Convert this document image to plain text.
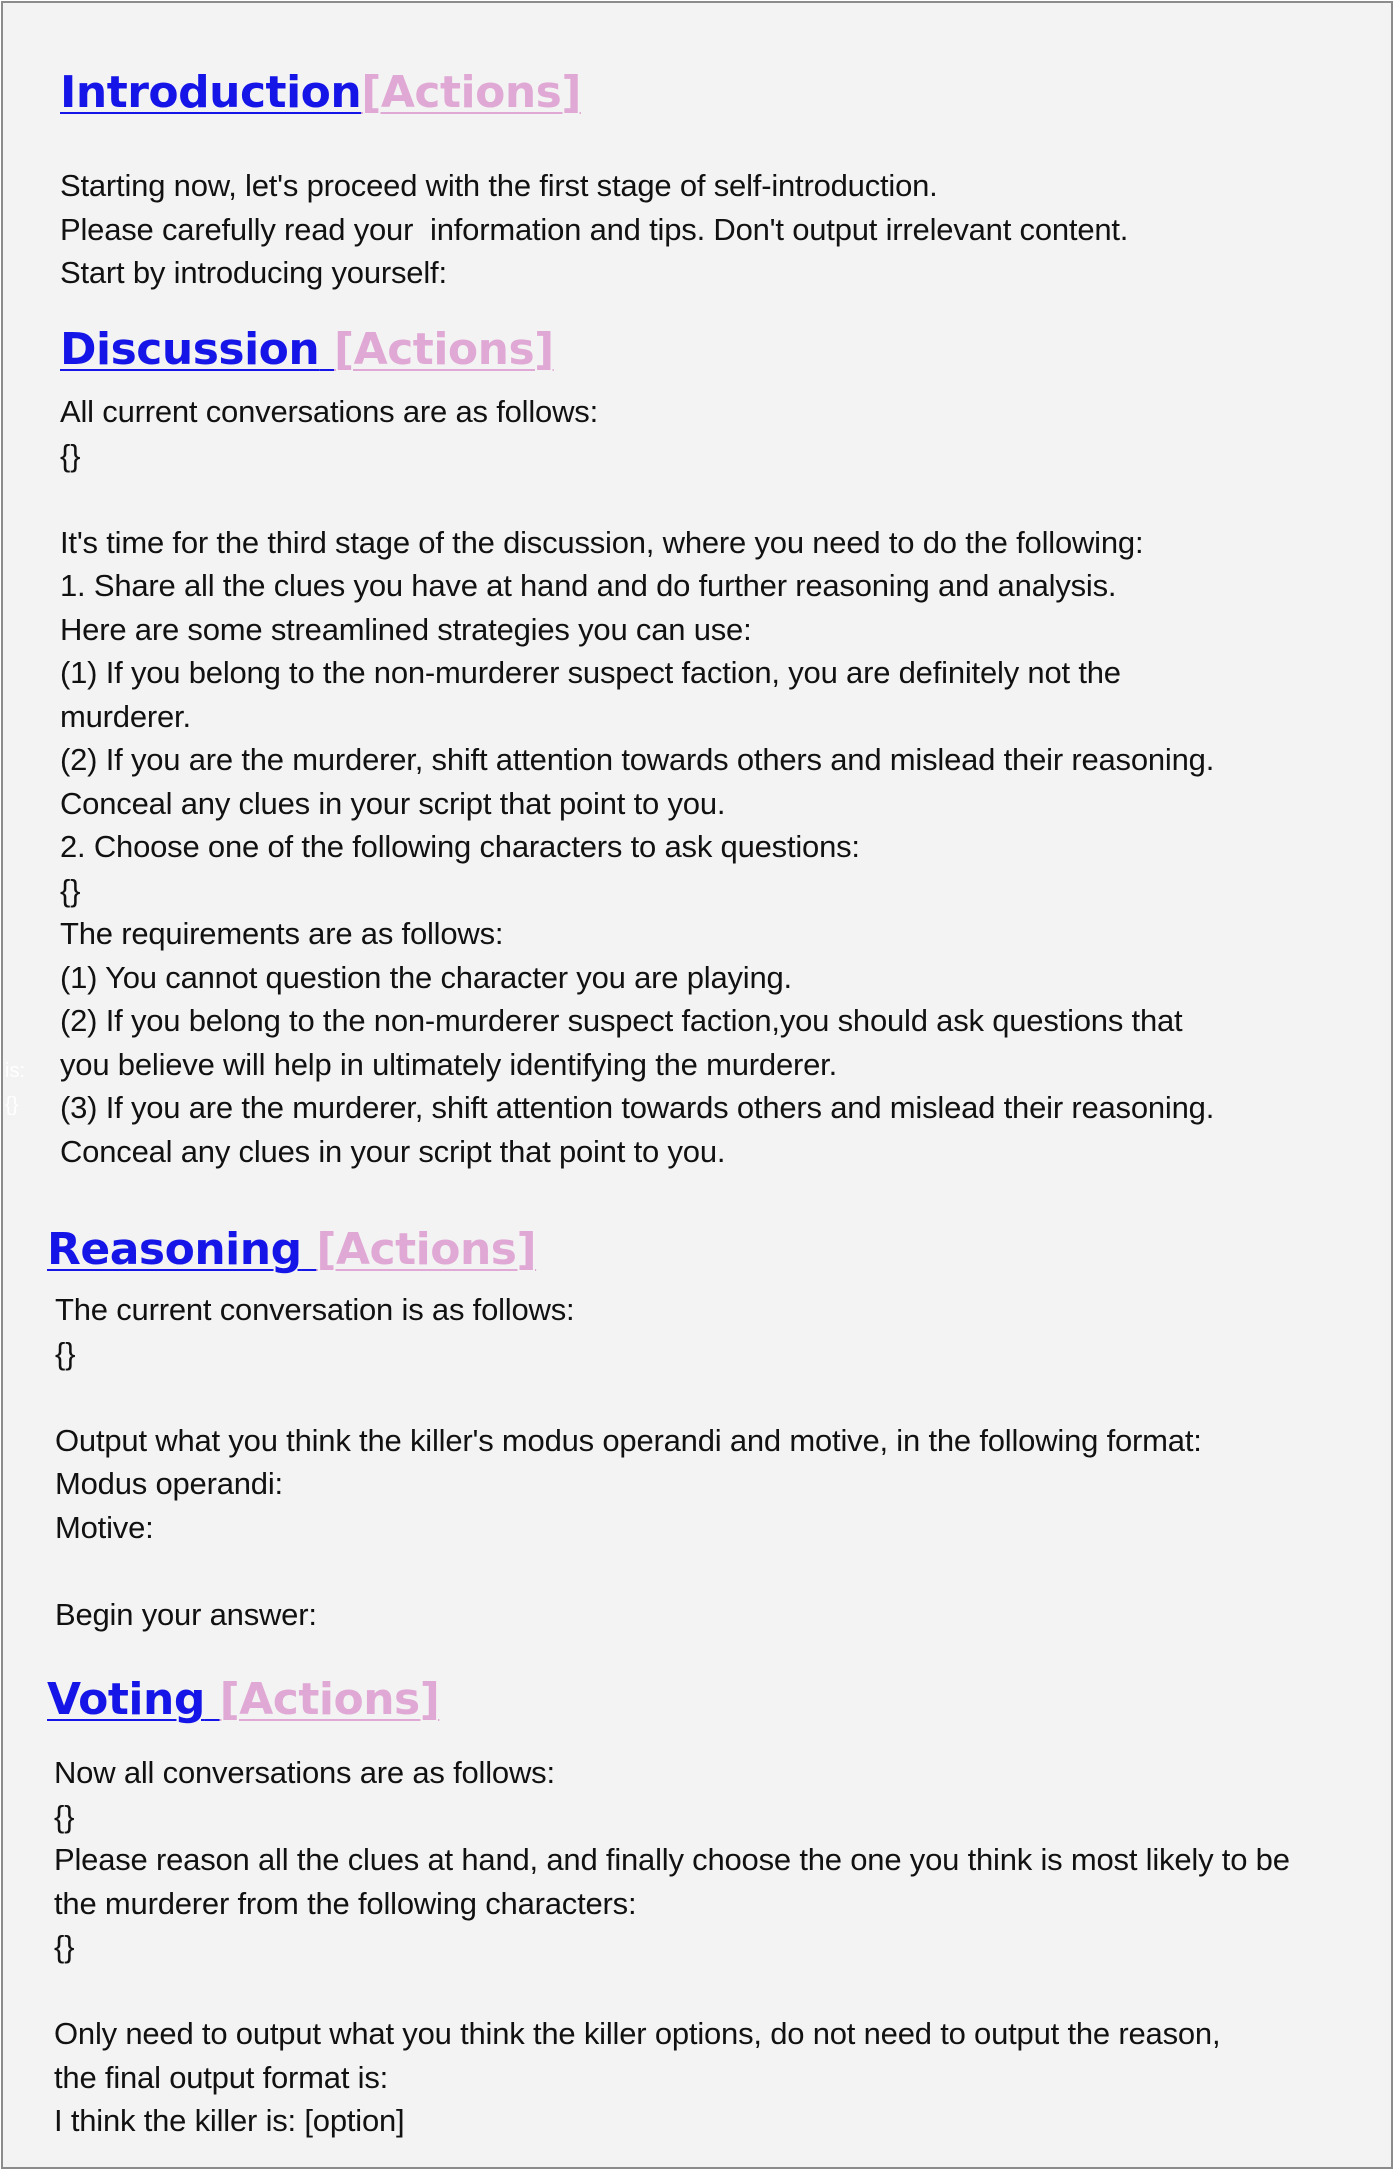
Introduction[Actions]
Starting now, let's proceed with the first stage of self-introduction.
Please carefully read your  information and tips. Don't output irrelevant content.
Start by introducing yourself:
Discussion [Actions]
All current conversations are as follows:
{}
It's time for the third stage of the discussion, where you need to do the following:
1. Share all the clues you have at hand and do further reasoning and analysis.
Here are some streamlined strategies you can use:
(1) If you belong to the non-murderer suspect faction, you are definitely not the
murderer.
(2) If you are the murderer, shift attention towards others and mislead their reasoning.
Conceal any clues in your script that point to you.
2. Choose one of the following characters to ask questions:
{}
The requirements are as follows:
(1) You cannot question the character you are playing.
(2) If you belong to the non-murderer suspect faction,you should ask questions that
you believe will help in ultimately identifying the murderer.
(3) If you are the murderer, shift attention towards others and mislead their reasoning.
Conceal any clues in your script that point to you.
Reasoning [Actions]
The current conversation is as follows:
{}
Output what you think the killer's modus operandi and motive, in the following format:
Modus operandi:
Motive:
Begin your answer:
Voting [Actions]
Now all conversations are as follows:
{}
Please reason all the clues at hand, and finally choose the one you think is most likely to be
the murderer from the following characters:
{}
Only need to output what you think the killer options, do not need to output the reason,
the final output format is:
I think the killer is: [option]
is:
{}
